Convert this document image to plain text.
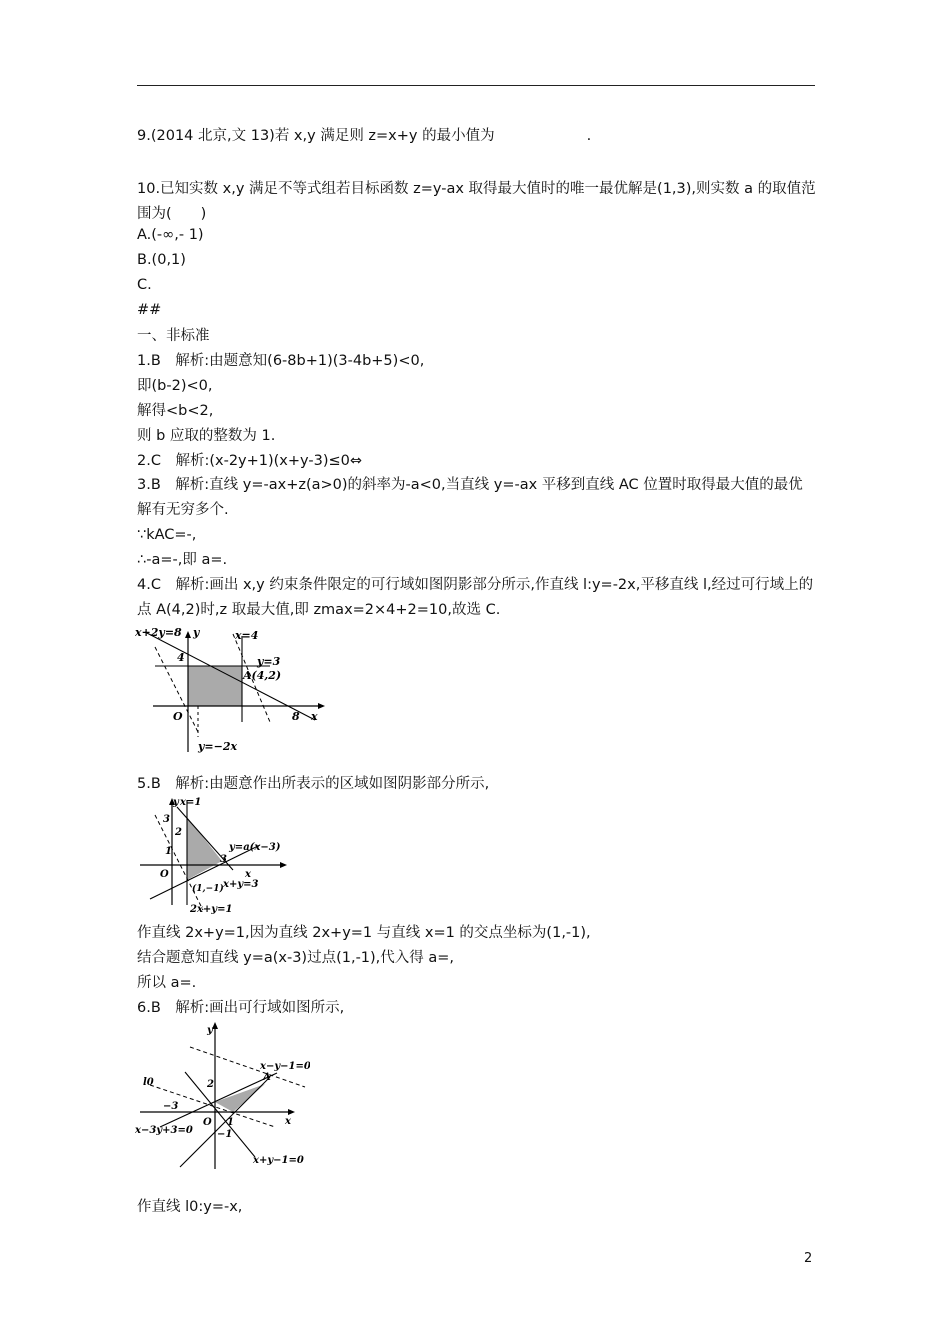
9.(2014 北京,文 13)若 x,y 满足则 z=x+y 的最小值为	.
10.已知实数 x,y 满足不等式组若目标函数 z=y-ax 取得最大值时的唯一最优解是(1,3),则实数 a 的取值范围为(　　)
A.(-∞,- 1)
B.(0,1)
C.
##
一、非标准
1.B　解析:由题意知(6-8b+1)(3-4b+5)<0,
即(b-2)<0,
解得<b<2,
则 b 应取的整数为 1.
2.C　解析:(x-2y+1)(x+y-3)≤0⇔
3.B　解析:直线 y=-ax+z(a>0)的斜率为-a<0,当直线 y=-ax 平移到直线 AC 位置时取得最大值的最优解有无穷多个.
∵kAC=-,
∴-a=-,即 a=.
4.C　解析:画出 x,y 约束条件限定的可行域如图阴影部分所示,作直线 l:y=-2x,平移直线 l,经过可行域上的点 A(4,2)时,z 取最大值,即 zmax=2×4+2=10,故选 C.
x+2y=8	x=4
y=3
A(4,2)
y
x
O
4
8
y=−2x
5.B　解析:由题意作出所表示的区域如图阴影部分所示,
y x=1
3
2
1	y=a(x−3)
3
x
O
(1,−1) x+y=3
2x+y=1
作直线 2x+y=1,因为直线 2x+y=1 与直线 x=1 的交点坐标为(1,-1),
结合题意知直线 y=a(x-3)过点(1,-1),代入得 a=,
所以 a=.
6.B　解析:画出可行域如图所示,
y
x−y−1=0
A
l0	2
−3
x−3y+3=0
O 1
−1
x
x+y−1=0
作直线 l0:y=-x,
2
